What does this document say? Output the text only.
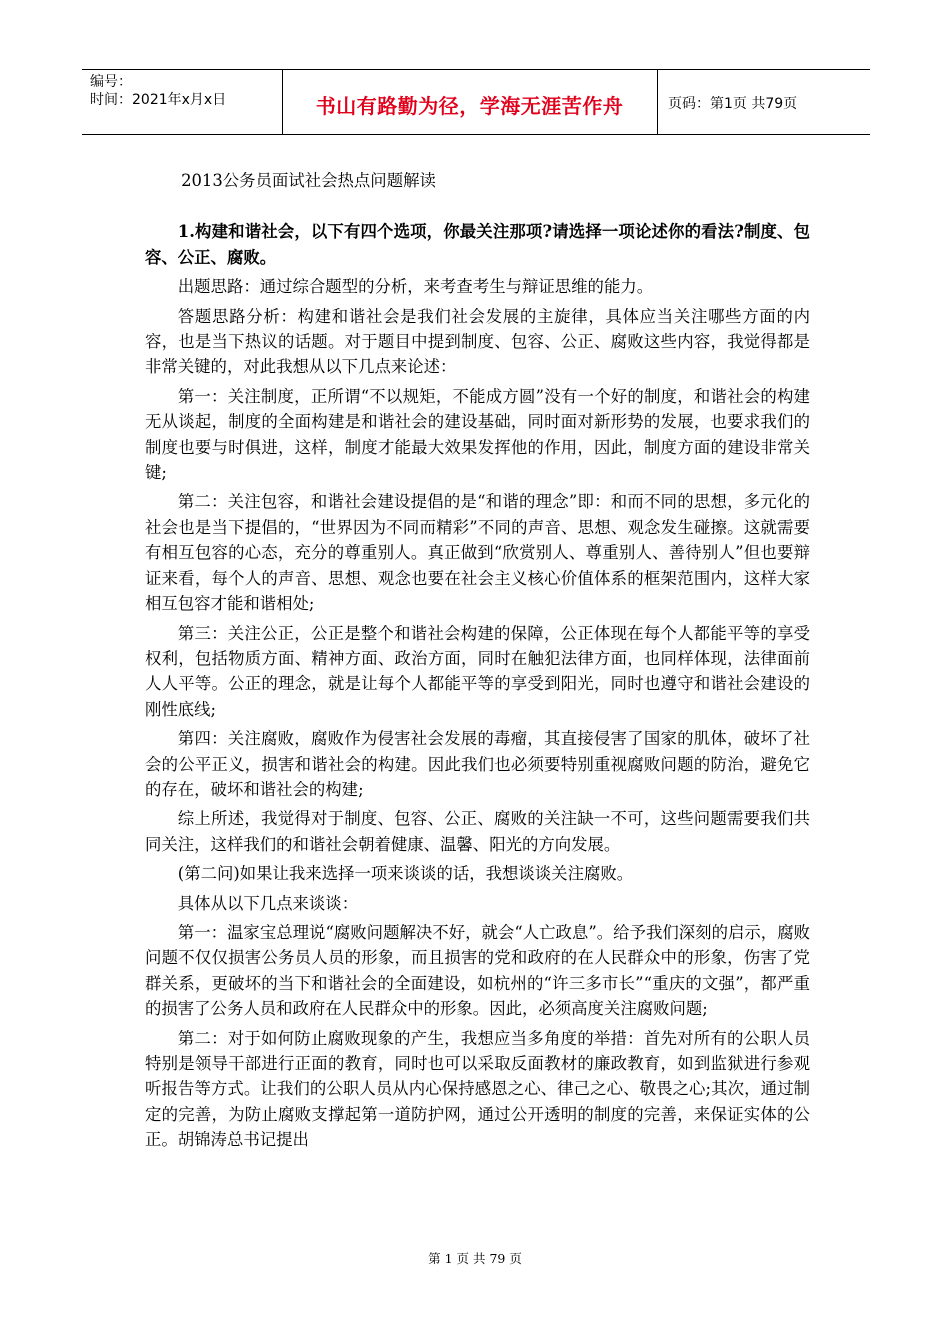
编号：
时间：2021年x月x日	书山有路勤为径，学海无涯苦作舟	页码：第1页 共79页

2013公务员面试社会热点问题解读

1.构建和谐社会，以下有四个选项，你最关注那项?请选择一项论述你的看法?制度、包容、公正、腐败。

出题思路：通过综合题型的分析，来考查考生与辩证思维的能力。

答题思路分析：构建和谐社会是我们社会发展的主旋律，具体应当关注哪些方面的内容，也是当下热议的话题。对于题目中提到制度、包容、公正、腐败这些内容，我觉得都是非常关键的，对此我想从以下几点来论述：

第一：关注制度，正所谓“不以规矩，不能成方圆”没有一个好的制度，和谐社会的构建无从谈起，制度的全面构建是和谐社会的建设基础，同时面对新形势的发展，也要求我们的制度也要与时俱进，这样，制度才能最大效果发挥他的作用，因此，制度方面的建设非常关键;

第二：关注包容，和谐社会建设提倡的是“和谐的理念”即：和而不同的思想，多元化的社会也是当下提倡的，“世界因为不同而精彩”不同的声音、思想、观念发生碰擦。这就需要有相互包容的心态，充分的尊重别人。真正做到“欣赏别人、尊重别人、善待别人”但也要辩证来看，每个人的声音、思想、观念也要在社会主义核心价值体系的框架范围内，这样大家相互包容才能和谐相处;

第三：关注公正，公正是整个和谐社会构建的保障，公正体现在每个人都能平等的享受权利，包括物质方面、精神方面、政治方面，同时在触犯法律方面，也同样体现，法律面前人人平等。公正的理念，就是让每个人都能平等的享受到阳光，同时也遵守和谐社会建设的刚性底线;

第四：关注腐败，腐败作为侵害社会发展的毒瘤，其直接侵害了国家的肌体，破坏了社会的公平正义，损害和谐社会的构建。因此我们也必须要特别重视腐败问题的防治，避免它的存在，破坏和谐社会的构建;

综上所述，我觉得对于制度、包容、公正、腐败的关注缺一不可，这些问题需要我们共同关注，这样我们的和谐社会朝着健康、温馨、阳光的方向发展。

(第二问)如果让我来选择一项来谈谈的话，我想谈谈关注腐败。

具体从以下几点来谈谈：

第一：温家宝总理说“腐败问题解决不好，就会“人亡政息”。给予我们深刻的启示，腐败问题不仅仅损害公务员人员的形象，而且损害的党和政府的在人民群众中的形象，伤害了党群关系，更破坏的当下和谐社会的全面建设，如杭州的“许三多市长”“重庆的文强”，都严重的损害了公务人员和政府在人民群众中的形象。因此，必须高度关注腐败问题;

第二：对于如何防止腐败现象的产生，我想应当多角度的举措：首先对所有的公职人员特别是领导干部进行正面的教育，同时也可以采取反面教材的廉政教育，如到监狱进行参观听报告等方式。让我们的公职人员从内心保持感恩之心、律己之心、敬畏之心;其次，通过制定的完善，为防止腐败支撑起第一道防护网，通过公开透明的制度的完善，来保证实体的公正。胡锦涛总书记提出

第 1 页 共 79 页
